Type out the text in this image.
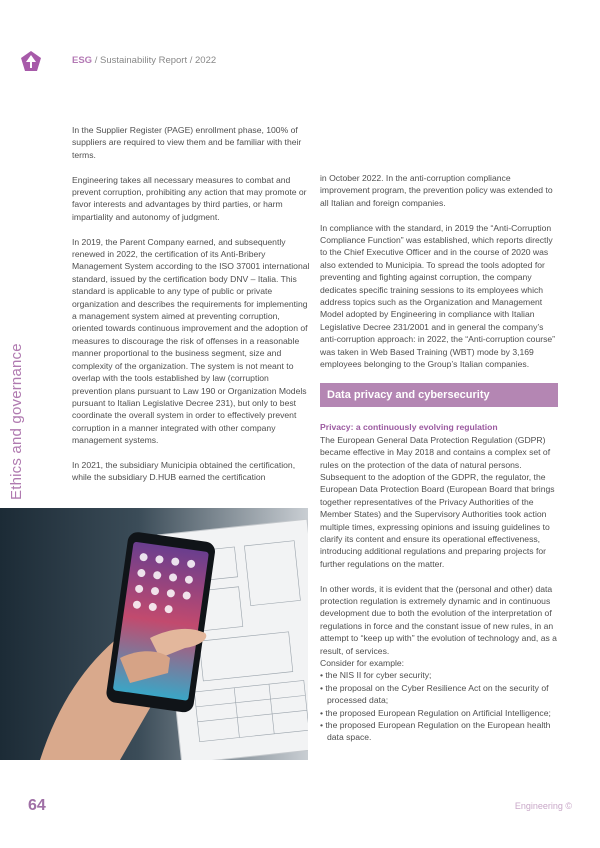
ESG / Sustainability Report / 2022
Ethics and governance

In the Supplier Register (PAGE) enrollment phase, 100% of suppliers are required to view them and be familiar with their terms.

Engineering takes all necessary measures to combat and prevent corruption, prohibiting any action that may promote or favor interests and advantages by third parties, or harm impartiality and autonomy of judgment.

In 2019, the Parent Company earned, and subsequently renewed in 2022, the certification of its Anti-Bribery Management System according to the ISO 37001 international standard, issued by the certification body DNV – Italia. This standard is applicable to any type of public or private organization and describes the requirements for implementing a management system aimed at preventing corruption, oriented towards continuous improvement and the adoption of measures to discourage the risk of offenses in a reasonable manner proportional to the business segment, size and complexity of the organization. The system is not meant to overlap with the tools established by law (corruption prevention plans pursuant to Law 190 or Organization Models pursuant to Italian Legislative Decree 231), but only to best coordinate the overall system in order to effectively prevent corruption in a manner integrated with other company management systems.

In 2021, the subsidiary Municipia obtained the certification, while the subsidiary D.HUB earned the certification

in October 2022. In the anti-corruption compliance improvement program, the prevention policy was extended to all Italian and foreign companies.

In compliance with the standard, in 2019 the “Anti-Corruption Compliance Function” was established, which reports directly to the Chief Executive Officer and in the course of 2020 was also extended to Municipia. To spread the tools adopted for preventing and fighting against corruption, the company dedicates specific training sessions to its employees which address topics such as the Organization and Management Model adopted by Engineering in compliance with Italian Legislative Decree 231/2001 and in general the company’s anti-corruption approach: in 2022, the “Anti-corruption course” was taken in Web Based Training (WBT) mode by 3,169 employees belonging to the Group’s Italian companies.

Data privacy and cybersecurity
Privacy: a continuously evolving regulation

The European General Data Protection Regulation (GDPR) became effective in May 2018 and contains a complex set of rules on the protection of the data of natural persons. Subsequent to the adoption of the GDPR, the regulator, the European Data Protection Board (European Board that brings together representatives of the Privacy Authorities of the Member States) and the Supervisory Authorities took action multiple times, expressing opinions and issuing guidelines to clarify its content and ensure its operational effectiveness, introducing additional regulations and preparing projects for further regulations on the matter.

In other words, it is evident that the (personal and other) data protection regulation is extremely dynamic and in continuous development due to both the evolution of the interpretation of regulations in force and the constant issue of new rules, in an attempt to “keep up with” the evolution of technology and, as a result, of services.

Consider for example:
• the NIS II for cyber security;
• the proposal on the Cyber Resilience Act on the security of processed data;
• the proposed European Regulation on Artificial Intelligence;
• the proposed European Regulation on the European health data space.
64	Engineering ©
